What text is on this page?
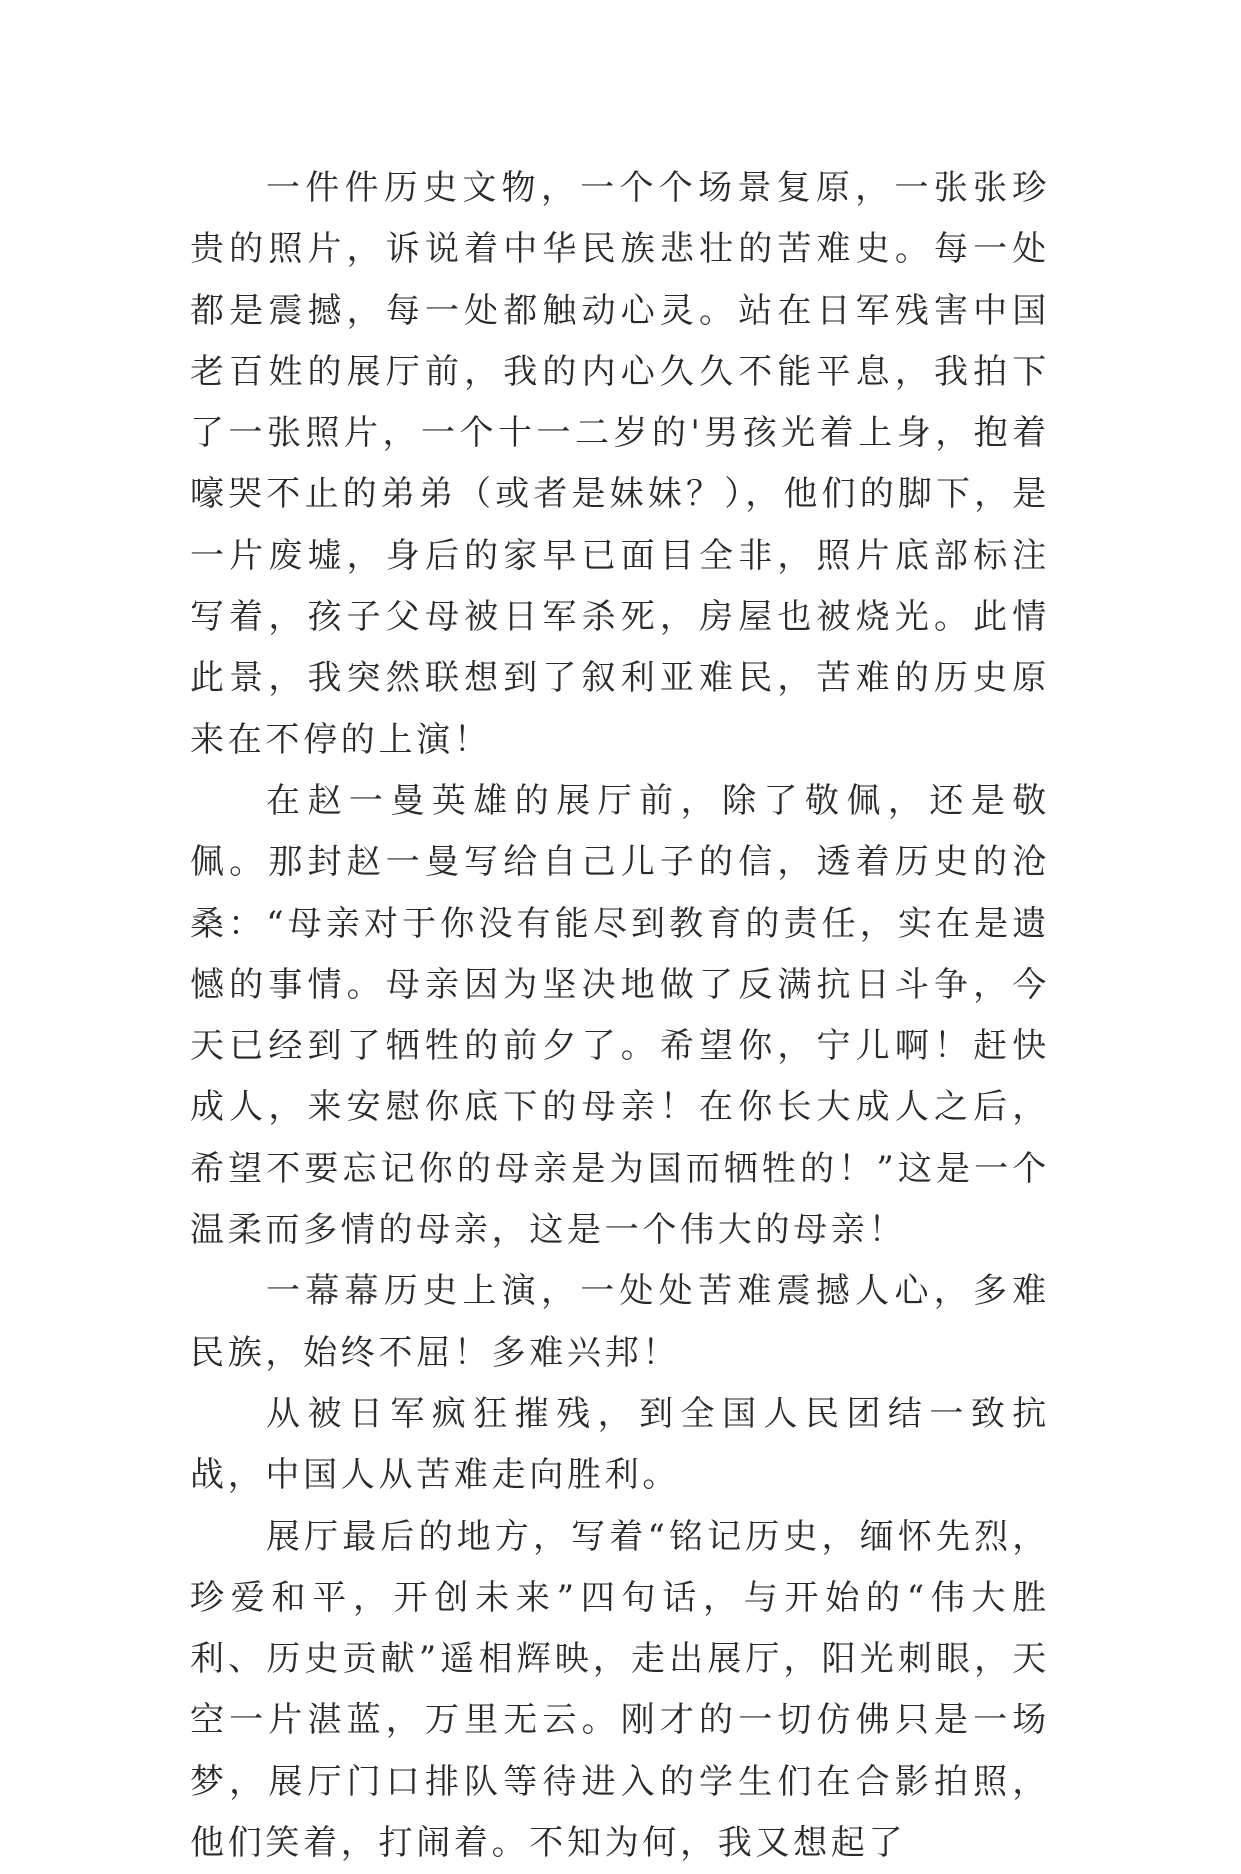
一件件历史文物，一个个场景复原，一张张珍贵的照片，诉说着中华民族悲壮的苦难史。每一处都是震撼，每一处都触动心灵。站在日军残害中国老百姓的展厅前，我的内心久久不能平息，我拍下了一张照片，一个十一二岁的'男孩光着上身，抱着嚎哭不止的弟弟（或者是妹妹？），他们的脚下，是一片废墟，身后的家早已面目全非，照片底部标注写着，孩子父母被日军杀死，房屋也被烧光。此情此景，我突然联想到了叙利亚难民，苦难的历史原来在不停的上演！

在赵一曼英雄的展厅前，除了敬佩，还是敬佩。那封赵一曼写给自己儿子的信，透着历史的沧桑：“母亲对于你没有能尽到教育的责任，实在是遗憾的事情。母亲因为坚决地做了反满抗日斗争，今天已经到了牺牲的前夕了。希望你，宁儿啊！赶快成人，来安慰你底下的母亲！在你长大成人之后，希望不要忘记你的母亲是为国而牺牲的！”这是一个温柔而多情的母亲，这是一个伟大的母亲！

一幕幕历史上演，一处处苦难震撼人心，多难民族，始终不屈！多难兴邦！

从被日军疯狂摧残，到全国人民团结一致抗战，中国人从苦难走向胜利。

展厅最后的地方，写着“铭记历史，缅怀先烈，珍爱和平，开创未来”四句话，与开始的“伟大胜利、历史贡献”遥相辉映，走出展厅，阳光刺眼，天空一片湛蓝，万里无云。刚才的一切仿佛只是一场梦，展厅门口排队等待进入的学生们在合影拍照，他们笑着，打闹着。不知为何，我又想起了
